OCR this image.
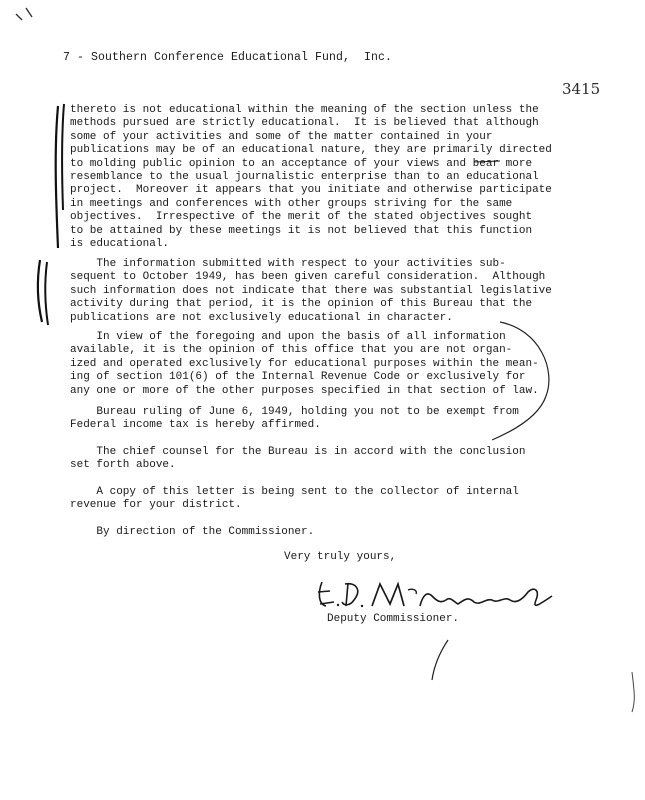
7 - Southern Conference Educational Fund,  Inc.
3415
thereto is not educational within the meaning of the section unless the
methods pursued are strictly educational.  It is believed that although
some of your activities and some of the matter contained in your
publications may be of an educational nature, they are primarily directed
to molding public opinion to an acceptance of your views and bear more
resemblance to the usual journalistic enterprise than to an educational
project.  Moreover it appears that you initiate and otherwise participate
in meetings and conferences with other groups striving for the same
objectives.  Irrespective of the merit of the stated objectives sought
to be attained by these meetings it is not believed that this function
is educational.
The information submitted with respect to your activities sub-
sequent to October 1949, has been given careful consideration.  Although
such information does not indicate that there was substantial legislative
activity during that period, it is the opinion of this Bureau that the
publications are not exclusively educational in character.
In view of the foregoing and upon the basis of all information
available, it is the opinion of this office that you are not organ-
ized and operated exclusively for educational purposes within the mean-
ing of section 101(6) of the Internal Revenue Code or exclusively for
any one or more of the other purposes specified in that section of law.
Bureau ruling of June 6, 1949, holding you not to be exempt from
Federal income tax is hereby affirmed.
The chief counsel for the Bureau is in accord with the conclusion
set forth above.
A copy of this letter is being sent to the collector of internal
revenue for your district.
By direction of the Commissioner.
Very truly yours,
Deputy Commissioner.
